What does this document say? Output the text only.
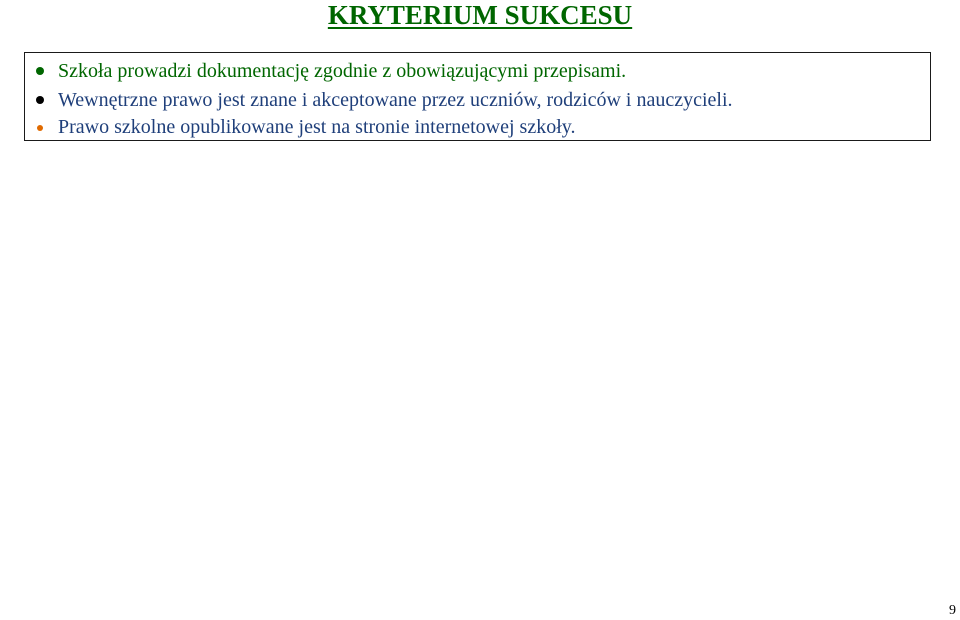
KRYTERIUM SUKCESU
Szkoła prowadzi dokumentację zgodnie z obowiązującymi przepisami.
Wewnętrzne prawo jest znane i akceptowane przez uczniów, rodziców i nauczycieli.
Prawo szkolne opublikowane jest na stronie internetowej szkoły.
9
